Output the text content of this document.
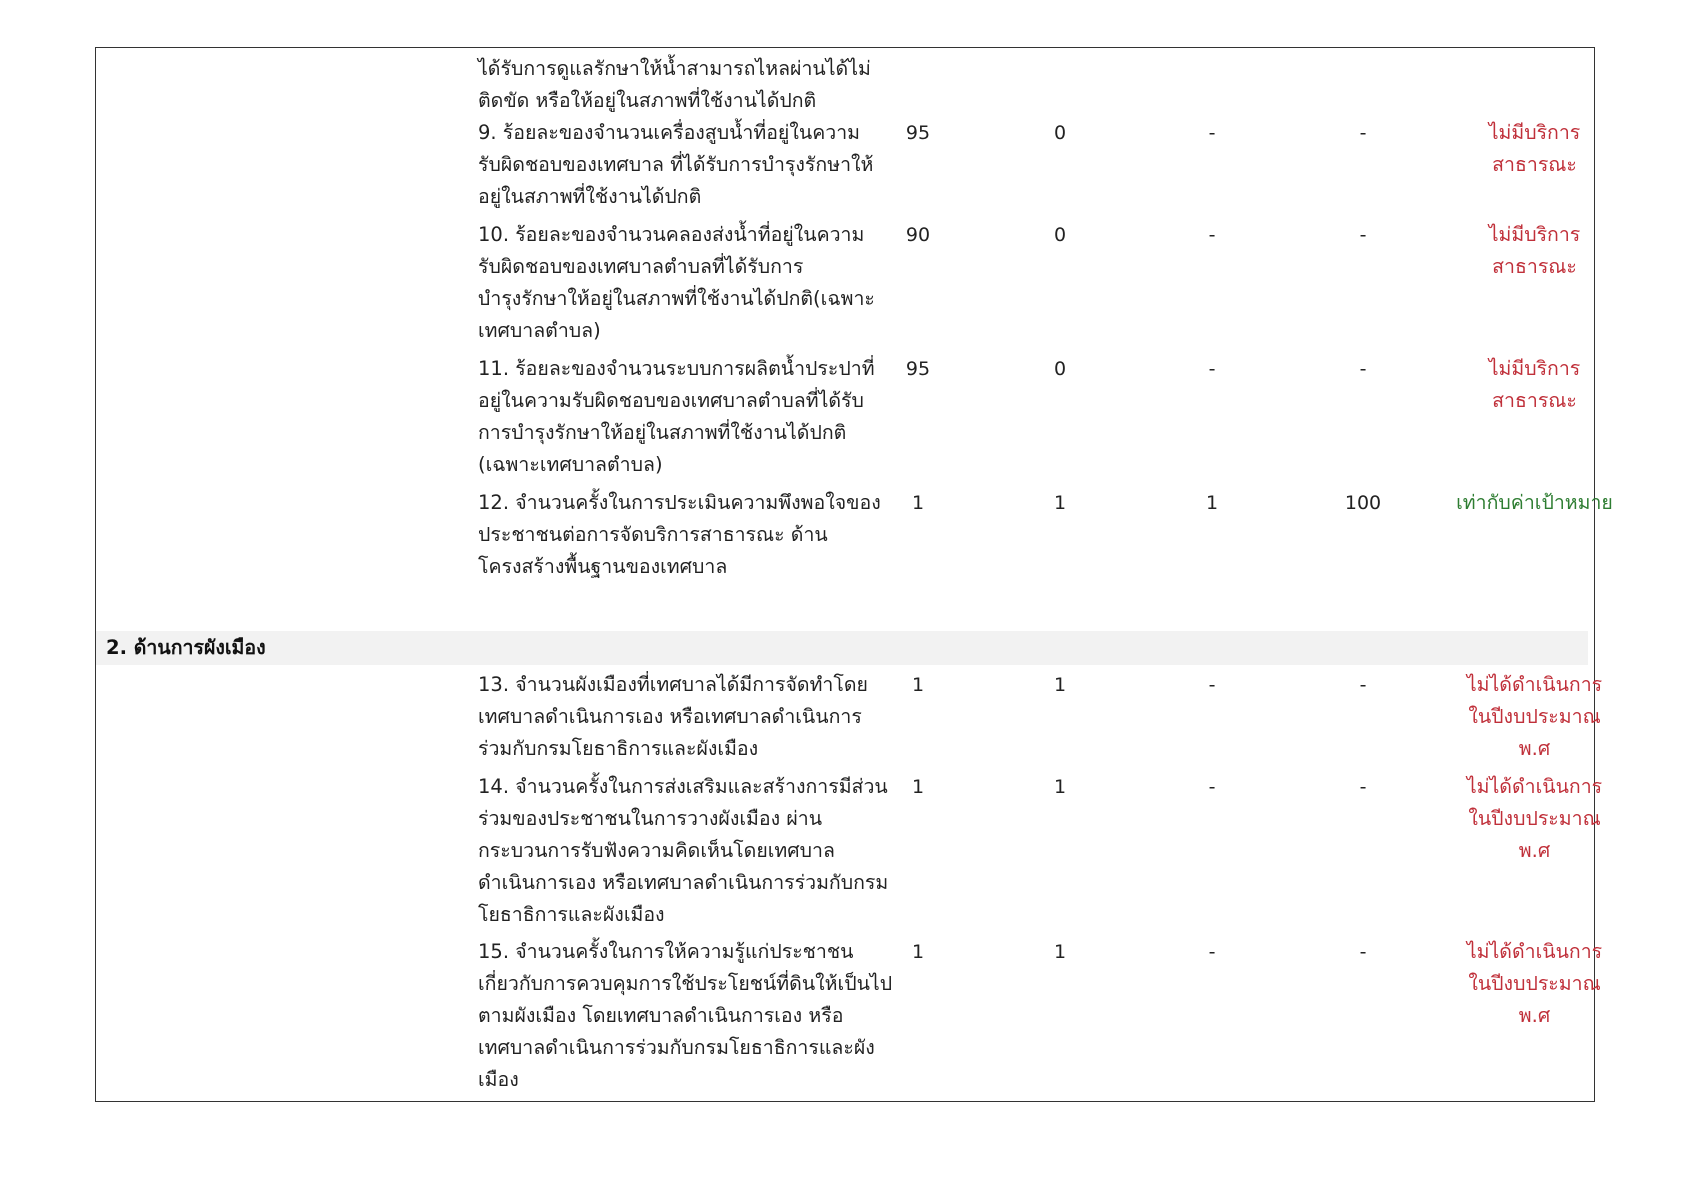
ได้รับการดูแลรักษาให้น้ำสามารถไหลผ่านได้ไม่
ติดขัด หรือให้อยู่ในสภาพที่ใช้งานได้ปกติ
9. ร้อยละของจำนวนเครื่องสูบน้ำที่อยู่ในความ
รับผิดชอบของเทศบาล ที่ได้รับการบำรุงรักษาให้
อยู่ในสภาพที่ใช้งานได้ปกติ
95	0	-	-	ไม่มีบริการ
สาธารณะ
10. ร้อยละของจำนวนคลองส่งน้ำที่อยู่ในความ
รับผิดชอบของเทศบาลตำบลที่ได้รับการ
บำรุงรักษาให้อยู่ในสภาพที่ใช้งานได้ปกติ(เฉพาะ
เทศบาลตำบล)
90	0	-	-	ไม่มีบริการ
สาธารณะ
11. ร้อยละของจำนวนระบบการผลิตน้ำประปาที่
อยู่ในความรับผิดชอบของเทศบาลตำบลที่ได้รับ
การบำรุงรักษาให้อยู่ในสภาพที่ใช้งานได้ปกติ
(เฉพาะเทศบาลตำบล)
95	0	-	-	ไม่มีบริการ
สาธารณะ
12. จำนวนครั้งในการประเมินความพึงพอใจของ
ประชาชนต่อการจัดบริการสาธารณะ ด้าน
โครงสร้างพื้นฐานของเทศบาล
1	1	1	100	เท่ากับค่าเป้าหมาย
2. ด้านการผังเมือง
13. จำนวนผังเมืองที่เทศบาลได้มีการจัดทำโดย
เทศบาลดำเนินการเอง หรือเทศบาลดำเนินการ
ร่วมกับกรมโยธาธิการและผังเมือง
1	1	-	-	ไม่ได้ดำเนินการ
ในปีงบประมาณ
พ.ศ
14. จำนวนครั้งในการส่งเสริมและสร้างการมีส่วน
ร่วมของประชาชนในการวางผังเมือง ผ่าน
กระบวนการรับฟังความคิดเห็นโดยเทศบาล
ดำเนินการเอง หรือเทศบาลดำเนินการร่วมกับกรม
โยธาธิการและผังเมือง
1	1	-	-	ไม่ได้ดำเนินการ
ในปีงบประมาณ
พ.ศ
15. จำนวนครั้งในการให้ความรู้แก่ประชาชน
เกี่ยวกับการควบคุมการใช้ประโยชน์ที่ดินให้เป็นไป
ตามผังเมือง โดยเทศบาลดำเนินการเอง หรือ
เทศบาลดำเนินการร่วมกับกรมโยธาธิการและผัง
เมือง
1	1	-	-	ไม่ได้ดำเนินการ
ในปีงบประมาณ
พ.ศ
